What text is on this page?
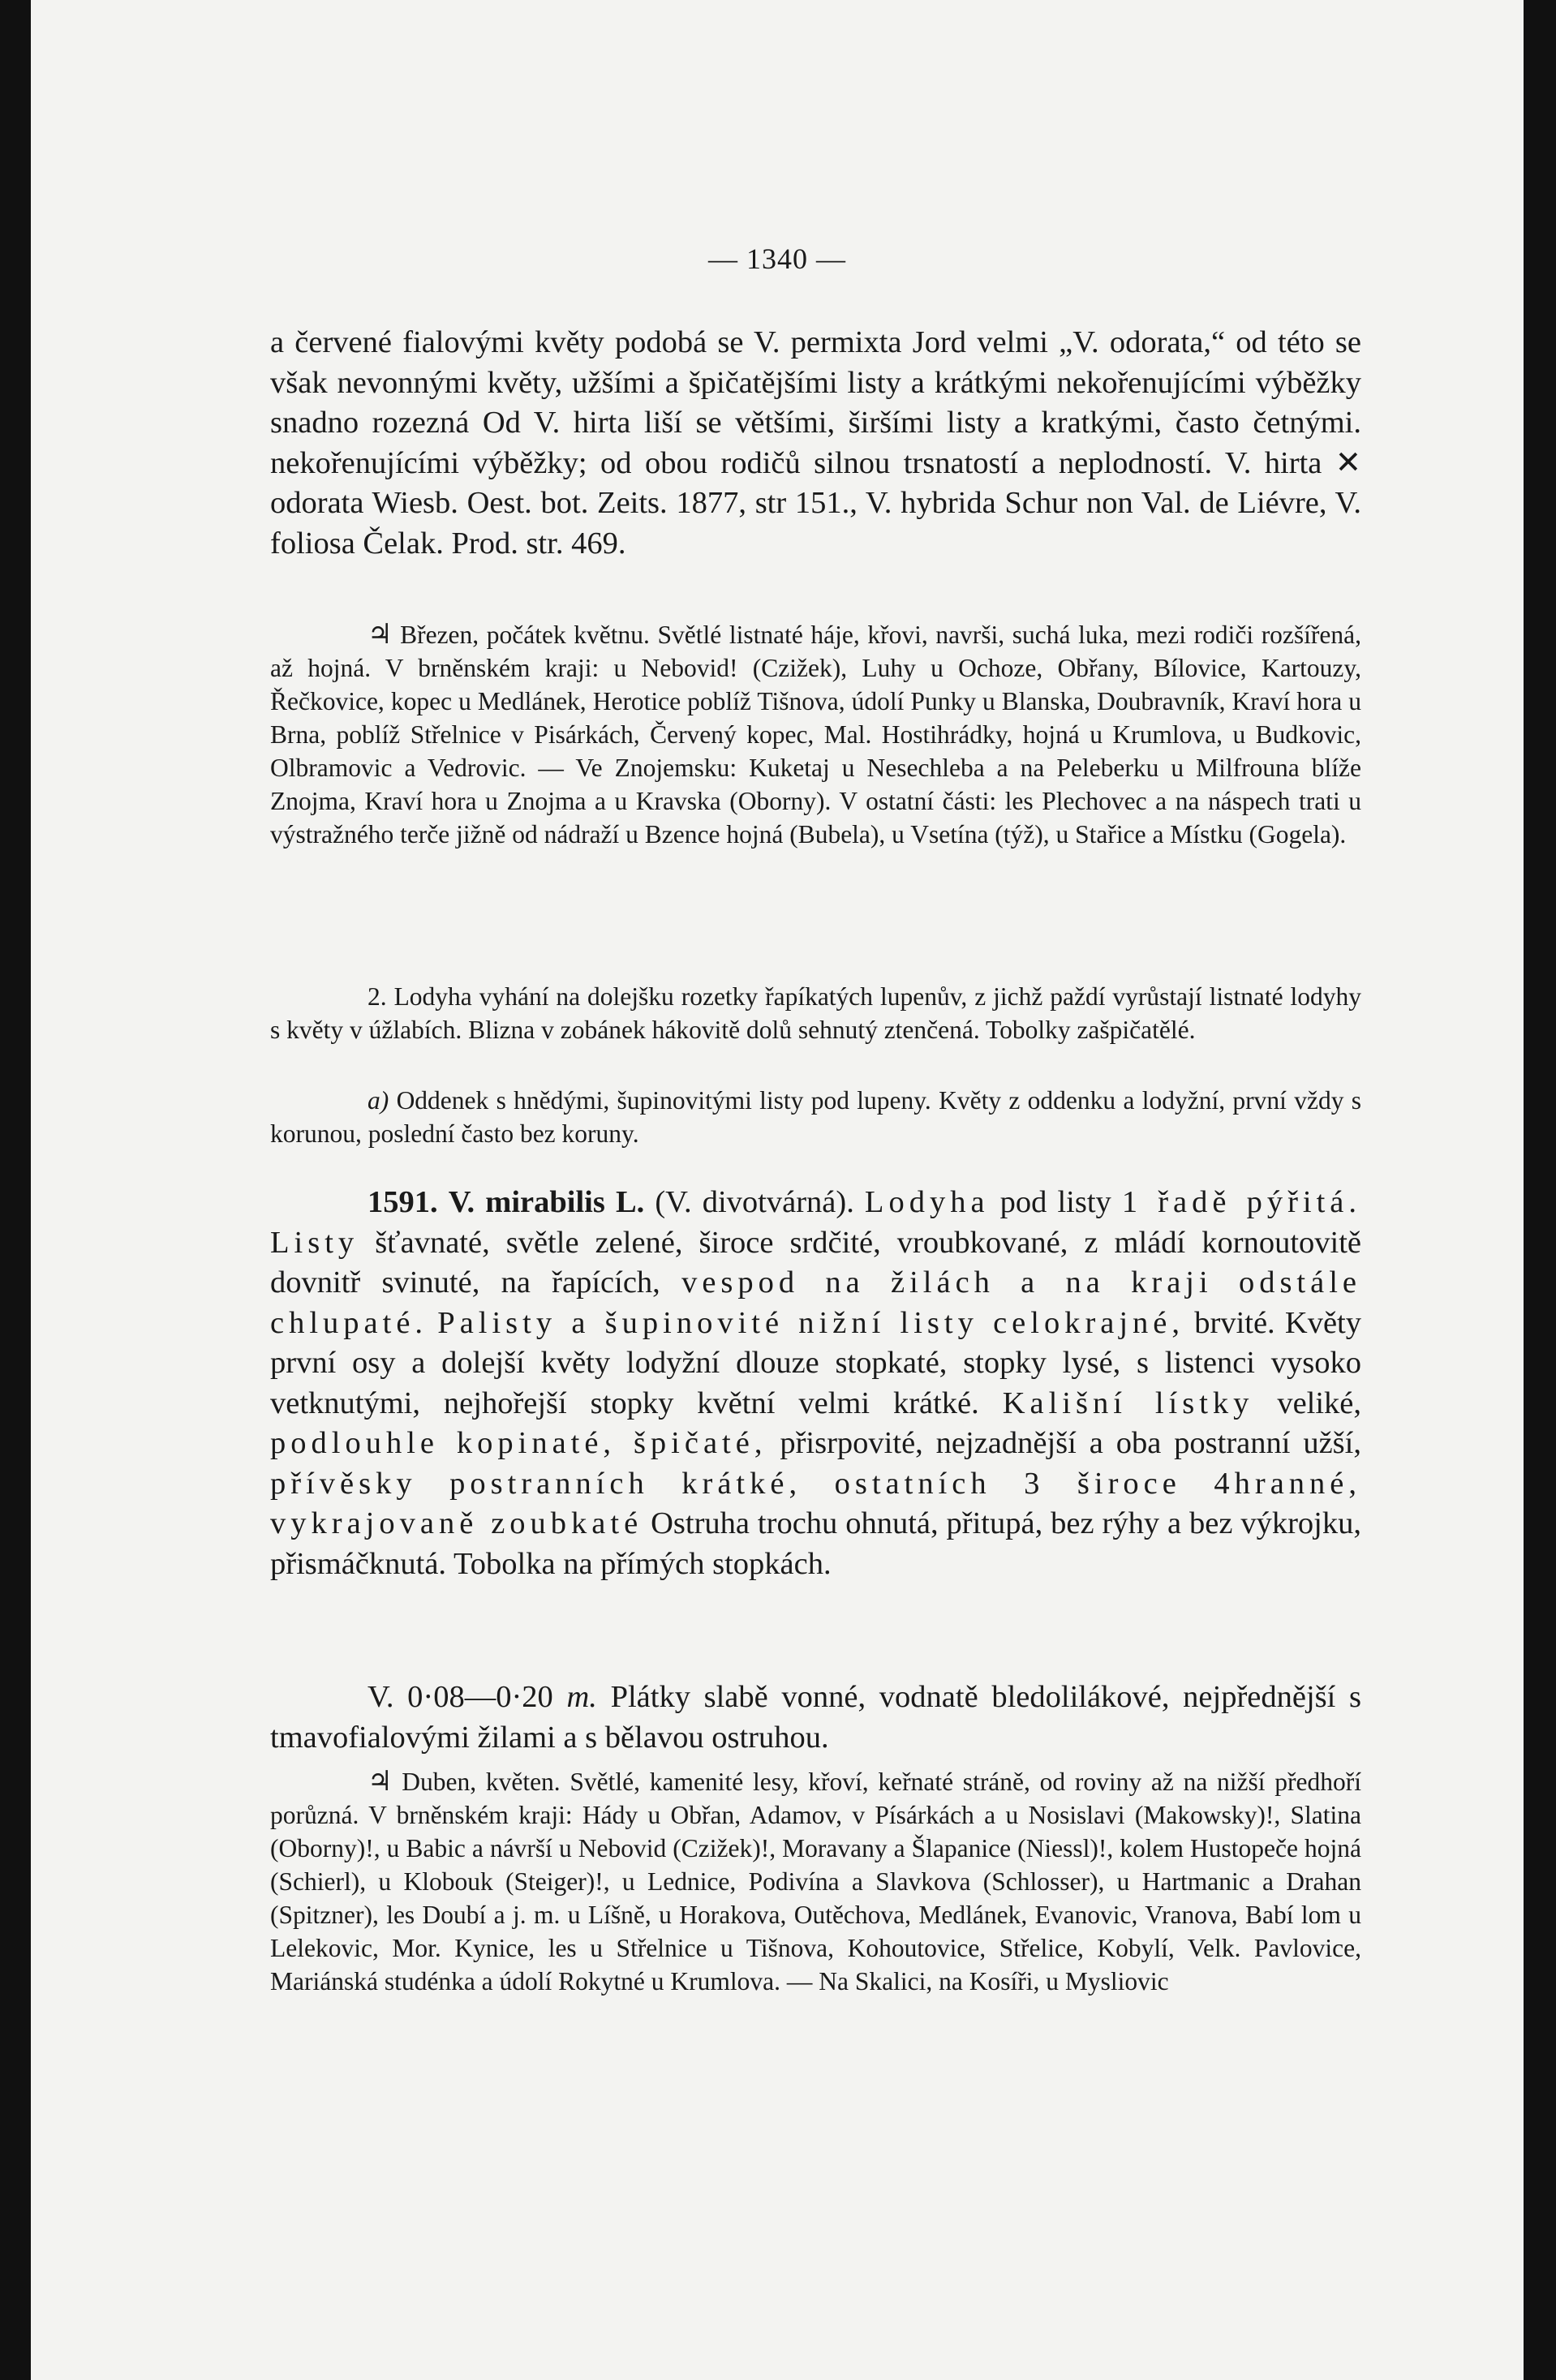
— 1340 —

a červené fialovými květy podobá se V. permixta Jord velmi „V. odorata,“ od této se však nevonnými květy, užšími a špičatějšími listy a krátkými nekořenujícími výběžky snadno rozezná Od V. hirta liší se většími, širšími listy a kratkými, často četnými. nekořenujícími výběžky; od obou rodičů silnou trsnatostí a neplodností. V. hirta ✕ odorata Wiesb. Oest. bot. Zeits. 1877, str 151., V. hybrida Schur non Val. de Liévre, V. foliosa Čelak. Prod. str. 469.

♃ Březen, počátek květnu. Světlé listnaté háje, křovi, navrši, suchá luka, mezi rodiči rozšířená, až hojná. V brněnském kraji: u Nebovid! (Czižek), Luhy u Ochoze, Obřany, Bílovice, Kartouzy, Řečkovice, kopec u Medlánek, Herotice poblíž Tišnova, údolí Punky u Blanska, Doubravník, Kraví hora u Brna, poblíž Střelnice v Pisárkách, Červený kopec, Mal. Hostihrádky, hojná u Krumlova, u Budkovic, Olbramovic a Vedrovic. — Ve Znojemsku: Kuketaj u Nesechleba a na Peleberku u Milfrouna blíže Znojma, Kraví hora u Znojma a u Kravska (Oborny). V ostatní části: les Plechovec a na náspech trati u výstražného terče jižně od nádraží u Bzence hojná (Bubela), u Vsetína (týž), u Stařice a Místku (Gogela).

2. Lodyha vyhání na dolejšku rozetky řapíkatých lupenův, z jichž paždí vyrůstají listnaté lodyhy s květy v úžlabích. Blizna v zobánek hákovitě dolů sehnutý ztenčená. Tobolky zašpičatělé.

a) Oddenek s hnědými, šupinovitými listy pod lupeny. Květy z oddenku a lodyžní, první vždy s korunou, poslední často bez koruny.

1591. V. mirabilis L. (V. divotvárná). Lodyha pod listy 1 řadě pýřitá. Listy šťavnaté, světle zelené, široce srdčité, vroubkované, z mládí kornoutovitě dovnitř svinuté, na řapících, vespod na žilách a na kraji odstále chlupaté. Palisty a šupinovité nižní listy celokrajné, brvité. Květy první osy a dolejší květy lodyžní dlouze stopkaté, stopky lysé, s listenci vysoko vetknutými, nejhořejší stopky květní velmi krátké. Kališní lístky veliké, podlouhle kopinaté, špičaté, přisrpovité, nejzadnější a oba postranní užší, přívěsky postranních krátké, ostatních 3 široce 4hranné, vykrajovaně zoubkaté Ostruha trochu ohnutá, přitupá, bez rýhy a bez výkrojku, přismáčknutá. Tobolka na přímých stopkách.

V. 0·08—0·20 m. Plátky slabě vonné, vodnatě bledolilákové, nejpřednější s tmavofialovými žilami a s bělavou ostruhou.

♃ Duben, květen. Světlé, kamenité lesy, křoví, keřnaté stráně, od roviny až na nižší předhoří porůzná. V brněnském kraji: Hády u Obřan, Adamov, v Písárkách a u Nosislavi (Makowsky)!, Slatina (Oborny)!, u Babic a návrší u Nebovid (Czižek)!, Moravany a Šlapanice (Niessl)!, kolem Hustopeče hojná (Schierl), u Klobouk (Steiger)!, u Lednice, Podivína a Slavkova (Schlosser), u Hartmanic a Drahan (Spitzner), les Doubí a j. m. u Líšně, u Horakova, Outěchova, Medlánek, Evanovic, Vranova, Babí lom u Lelekovic, Mor. Kynice, les u Střelnice u Tišnova, Kohoutovice, Střelice, Kobylí, Velk. Pavlovice, Mariánská studénka a údolí Rokytné u Krumlova. — Na Skalici, na Kosíři, u Mysliovic
